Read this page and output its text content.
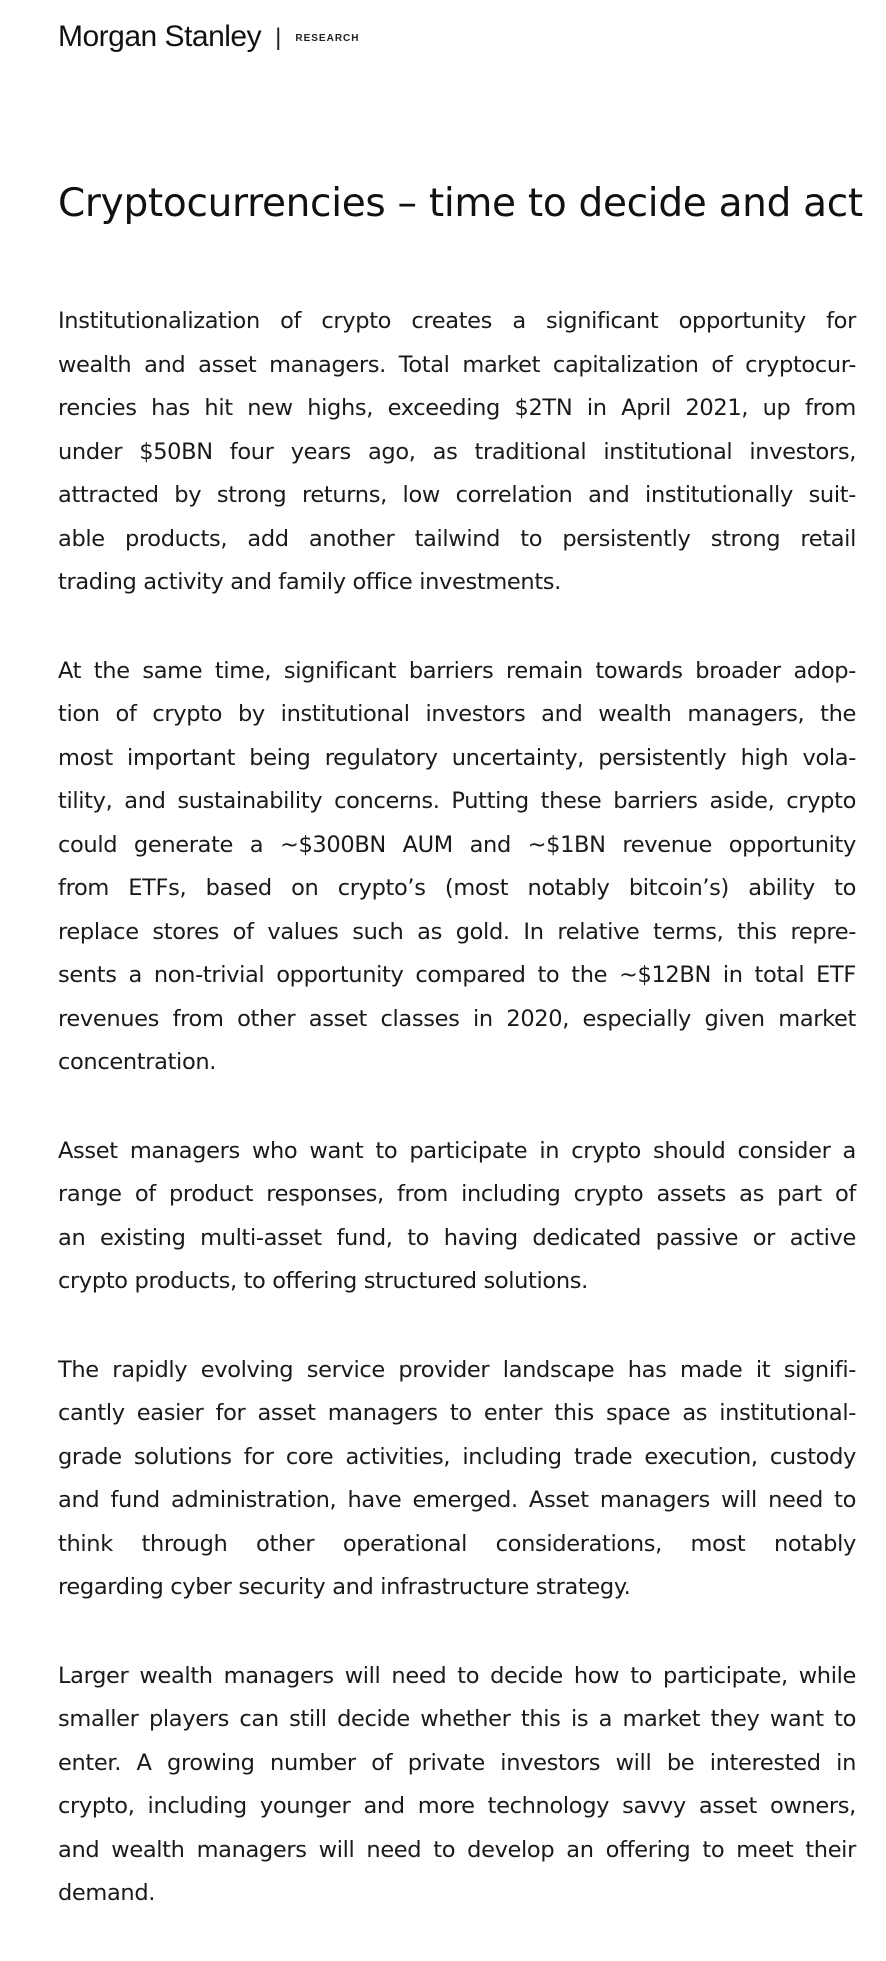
Morgan Stanley | RESEARCH
Cryptocurrencies – time to decide and act
Institutionalization of crypto creates a significant opportunity for
wealth and asset managers. Total market capitalization of cryptocur-
rencies has hit new highs, exceeding $2TN in April 2021, up from
under $50BN four years ago, as traditional institutional investors,
attracted by strong returns, low correlation and institutionally suit-
able products, add another tailwind to persistently strong retail
trading activity and family office investments.
At the same time, significant barriers remain towards broader adop-
tion of crypto by institutional investors and wealth managers, the
most important being regulatory uncertainty, persistently high vola-
tility, and sustainability concerns. Putting these barriers aside, crypto
could generate a ~$300BN AUM and ~$1BN revenue opportunity
from ETFs, based on crypto’s (most notably bitcoin’s) ability to
replace stores of values such as gold. In relative terms, this repre-
sents a non-trivial opportunity compared to the ~$12BN in total ETF
revenues from other asset classes in 2020, especially given market
concentration.
Asset managers who want to participate in crypto should consider a
range of product responses, from including crypto assets as part of
an existing multi-asset fund, to having dedicated passive or active
crypto products, to offering structured solutions.
The rapidly evolving service provider landscape has made it signifi-
cantly easier for asset managers to enter this space as institutional-
grade solutions for core activities, including trade execution, custody
and fund administration, have emerged. Asset managers will need to
think through other operational considerations, most notably
regarding cyber security and infrastructure strategy.
Larger wealth managers will need to decide how to participate, while
smaller players can still decide whether this is a market they want to
enter. A growing number of private investors will be interested in
crypto, including younger and more technology savvy asset owners,
and wealth managers will need to develop an offering to meet their
demand.
